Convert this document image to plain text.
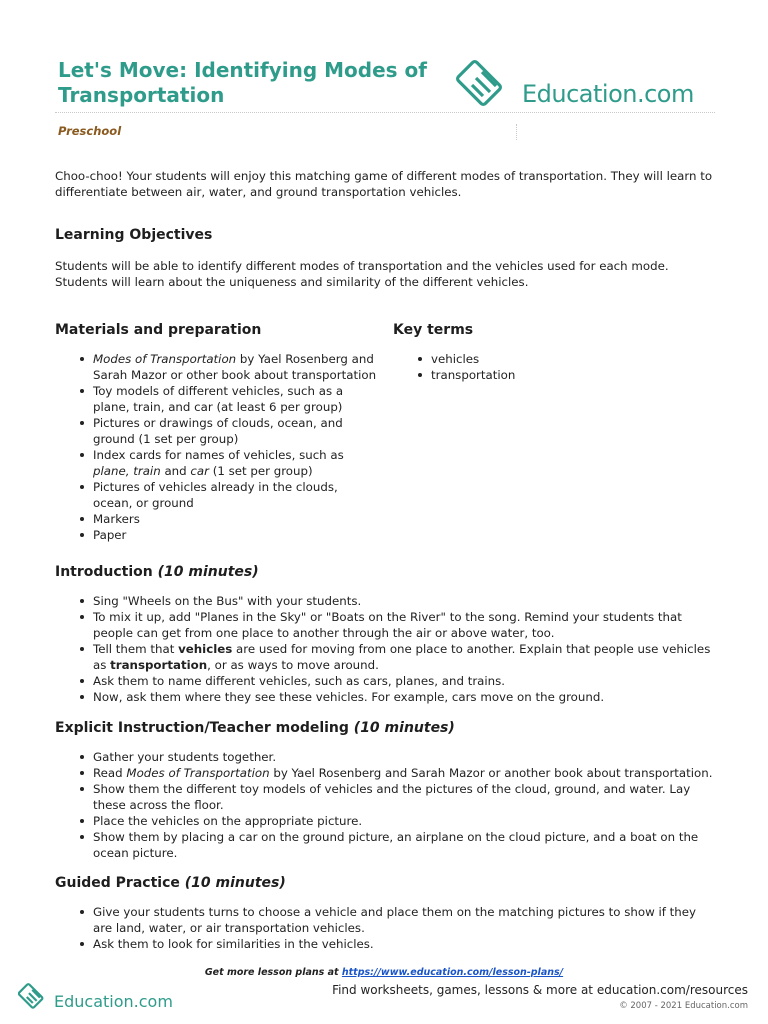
Let's Move: Identifying Modes of Transportation	Education.com
Preschool
Choo-choo! Your students will enjoy this matching game of different modes of transportation. They will learn to differentiate between air, water, and ground transportation vehicles.
Learning Objectives
Students will be able to identify different modes of transportation and the vehicles used for each mode. Students will learn about the uniqueness and similarity of the different vehicles.
Materials and preparation
Modes of Transportation by Yael Rosenberg and Sarah Mazor or other book about transportation
Toy models of different vehicles, such as a plane, train, and car (at least 6 per group)
Pictures or drawings of clouds, ocean, and ground (1 set per group)
Index cards for names of vehicles, such as plane, train and car (1 set per group)
Pictures of vehicles already in the clouds, ocean, or ground
Markers
Paper
Key terms
vehicles
transportation
Introduction (10 minutes)
Sing "Wheels on the Bus" with your students.
To mix it up, add "Planes in the Sky" or "Boats on the River" to the song. Remind your students that people can get from one place to another through the air or above water, too.
Tell them that vehicles are used for moving from one place to another. Explain that people use vehicles as transportation, or as ways to move around.
Ask them to name different vehicles, such as cars, planes, and trains.
Now, ask them where they see these vehicles. For example, cars move on the ground.
Explicit Instruction/Teacher modeling (10 minutes)
Gather your students together.
Read Modes of Transportation by Yael Rosenberg and Sarah Mazor or another book about transportation.
Show them the different toy models of vehicles and the pictures of the cloud, ground, and water. Lay these across the floor.
Place the vehicles on the appropriate picture.
Show them by placing a car on the ground picture, an airplane on the cloud picture, and a boat on the ocean picture.
Guided Practice (10 minutes)
Give your students turns to choose a vehicle and place them on the matching pictures to show if they are land, water, or air transportation vehicles.
Ask them to look for similarities in the vehicles.
Get more lesson plans at https://www.education.com/lesson-plans/
Education.com
Find worksheets, games, lessons & more at education.com/resources
© 2007 - 2021 Education.com
